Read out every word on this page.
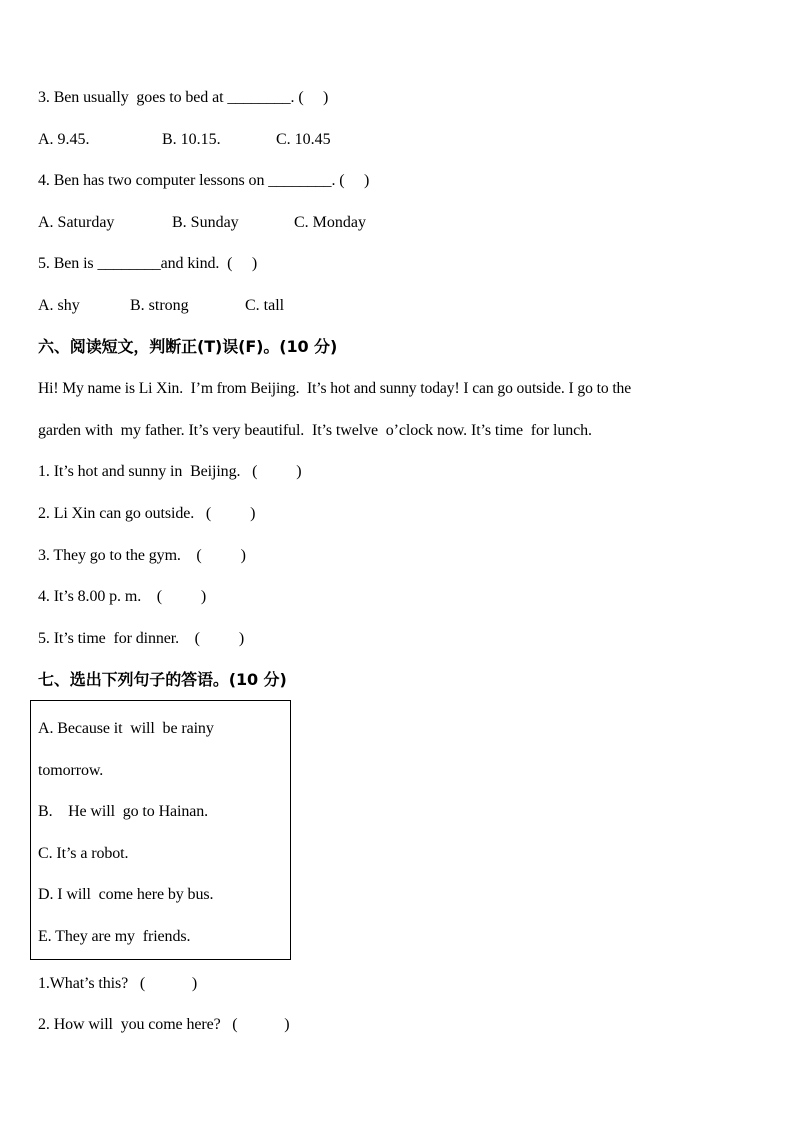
3. Ben usually  goes to bed at ________. (     )
A. 9.45.	B. 10.15.	C. 10.45
4. Ben has two computer lessons on ________. (     )
A. Saturday	B. Sunday	C. Monday
5. Ben is ________and kind.  (     )
A. shy	B. strong	C. tall
六、阅读短文，判断正(T)误(F)。(10 分)
Hi! My name is Li Xin.  I’m from Beijing.  It’s hot and sunny today! I can go outside. I go to the
garden with  my father. It’s very beautiful.  It’s twelve  o’clock now. It’s time  for lunch.
1. It’s hot and sunny in  Beijing.   (          )
2. Li Xin can go outside.   (          )
3. They go to the gym.    (          )
4. It’s 8.00 p. m.    (          )
5. It’s time  for dinner.    (          )
七、选出下列句子的答语。(10 分)
A. Because it  will  be rainy
tomorrow.
B.    He will  go to Hainan.
C. It’s a robot.
D. I will  come here by bus.
E. They are my  friends.
1.What’s this?   (            )
2. How will  you come here?   (            )
